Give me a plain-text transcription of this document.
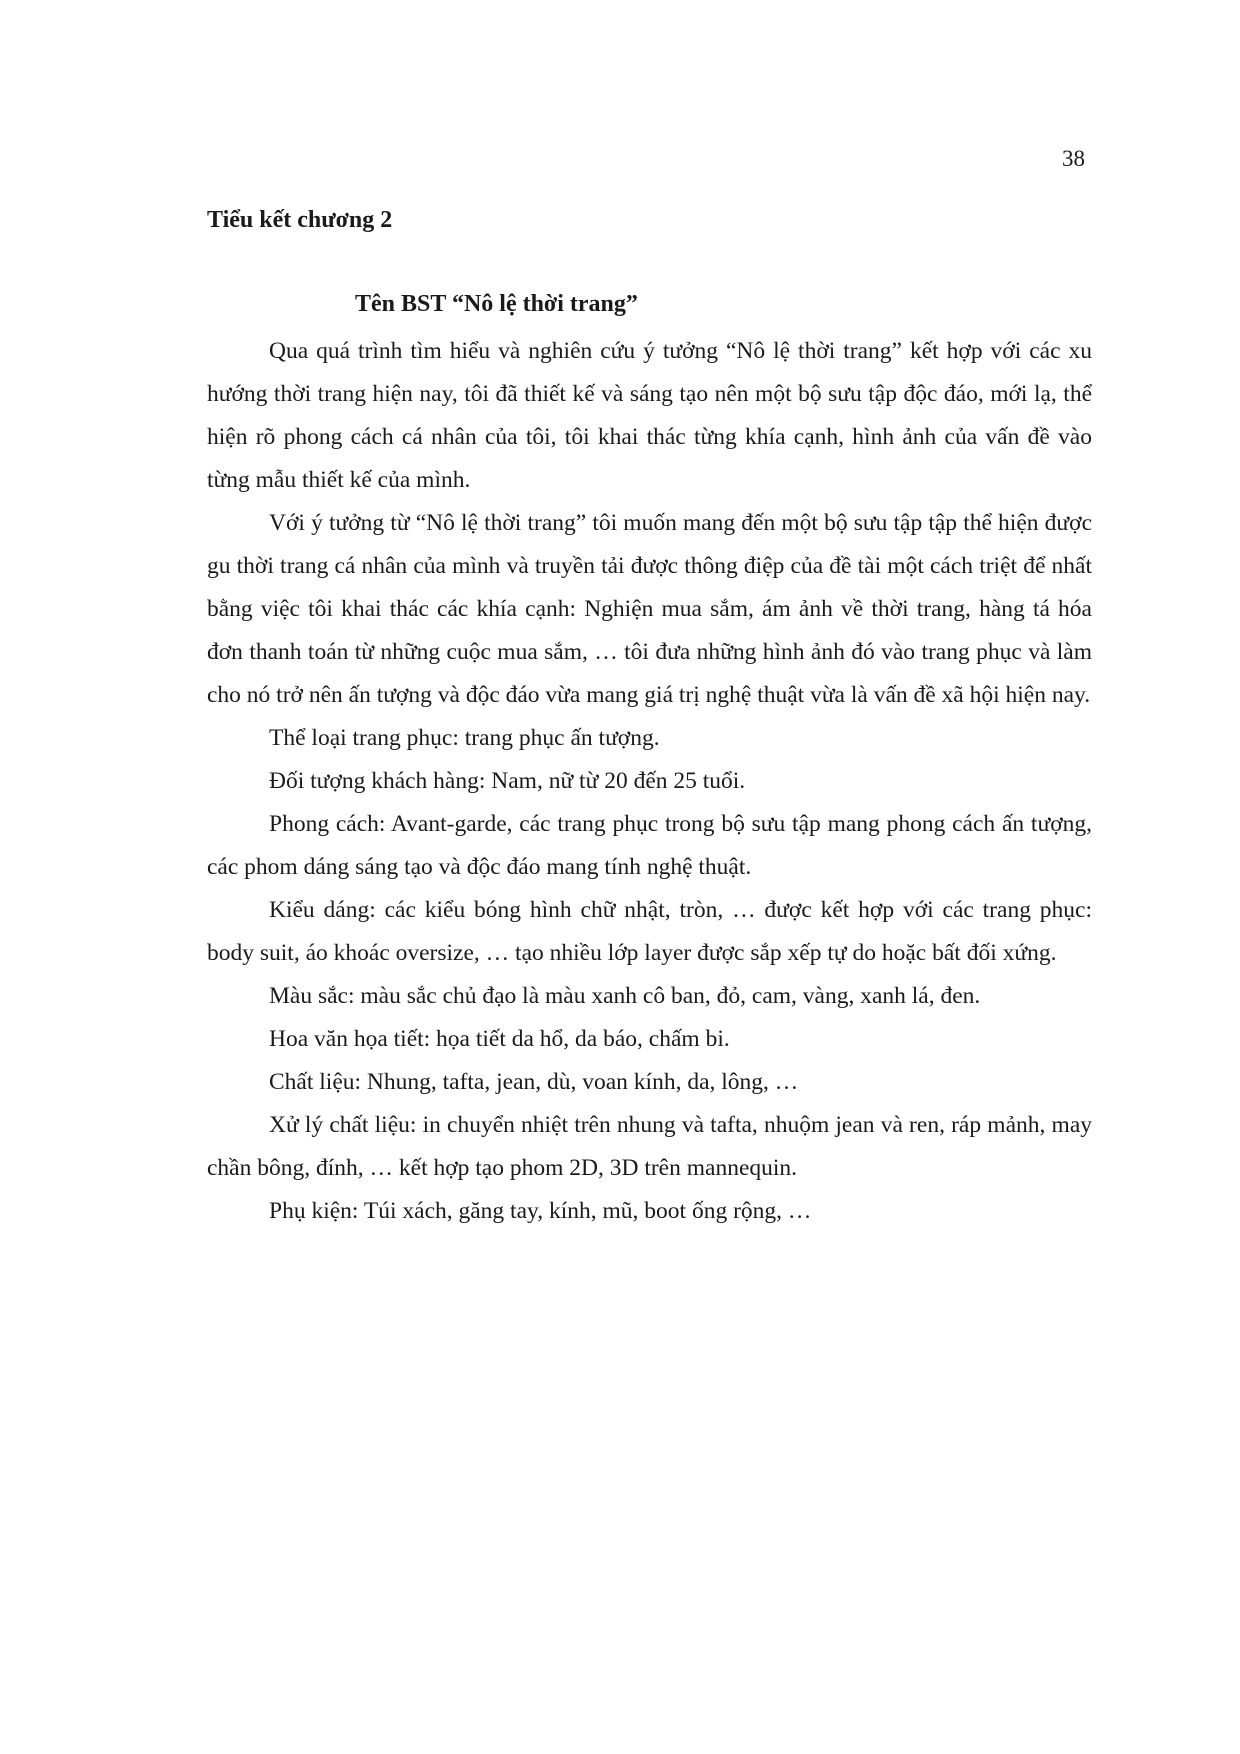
38
Tiểu kết chương 2
Tên BST “Nô lệ thời trang”

Qua quá trình tìm hiểu và nghiên cứu ý tưởng “Nô lệ thời trang” kết hợp với các xu hướng thời trang hiện nay, tôi đã thiết kế và sáng tạo nên một bộ sưu tập độc đáo, mới lạ, thể hiện rõ phong cách cá nhân của tôi, tôi khai thác từng khía cạnh, hình ảnh của vấn đề vào từng mẫu thiết kế của mình.

Với ý tưởng từ “Nô lệ thời trang” tôi muốn mang đến một bộ sưu tập tập thể hiện được gu thời trang cá nhân của mình và truyền tải được thông điệp của đề tài một cách triệt để nhất bằng việc tôi khai thác các khía cạnh: Nghiện mua sắm, ám ảnh về thời trang, hàng tá hóa đơn thanh toán từ những cuộc mua sắm, … tôi đưa những hình ảnh đó vào trang phục và làm cho nó trở nên ấn tượng và độc đáo vừa mang giá trị nghệ thuật vừa là vấn đề xã hội hiện nay.

Thể loại trang phục: trang phục ấn tượng.

Đối tượng khách hàng: Nam, nữ từ 20 đến 25 tuổi.

Phong cách: Avant-garde, các trang phục trong bộ sưu tập mang phong cách ấn tượng, các phom dáng sáng tạo và độc đáo mang tính nghệ thuật.

Kiểu dáng: các kiểu bóng hình chữ nhật, tròn, … được kết hợp với các trang phục: body suit, áo khoác oversize, … tạo nhiều lớp layer được sắp xếp tự do hoặc bất đối xứng.

Màu sắc: màu sắc chủ đạo là màu xanh cô ban, đỏ, cam, vàng, xanh lá, đen.

Hoa văn họa tiết: họa tiết da hổ, da báo, chấm bi.

Chất liệu: Nhung, tafta, jean, dù, voan kính, da, lông, …

Xử lý chất liệu: in chuyển nhiệt trên nhung và tafta, nhuộm jean và ren, ráp mảnh, may chần bông, đính, … kết hợp tạo phom 2D, 3D trên mannequin.

Phụ kiện: Túi xách, găng tay, kính, mũ, boot ống rộng, …
